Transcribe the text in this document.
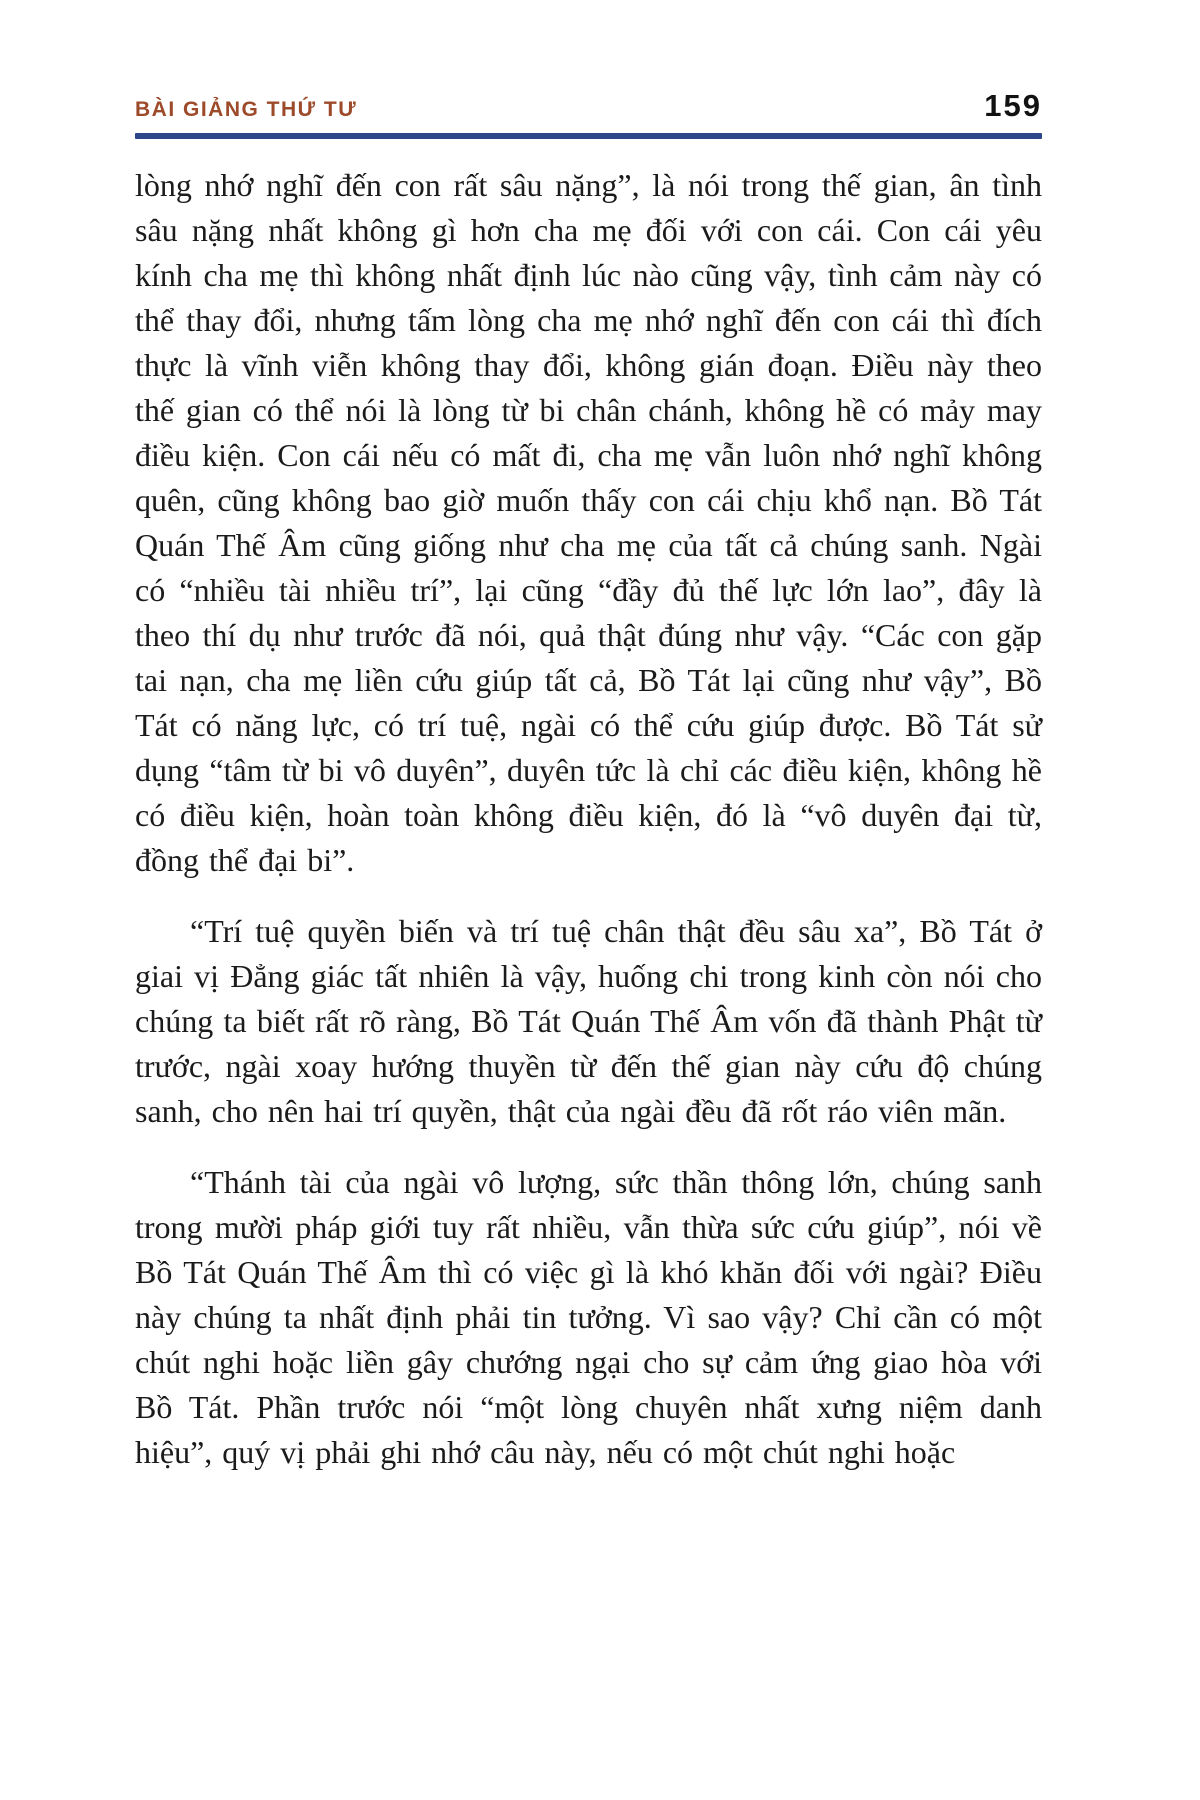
BÀI GIẢNG THỨ TƯ	159

lòng nhớ nghĩ đến con rất sâu nặng”, là nói trong thế gian, ân tình sâu nặng nhất không gì hơn cha mẹ đối với con cái. Con cái yêu kính cha mẹ thì không nhất định lúc nào cũng vậy, tình cảm này có thể thay đổi, nhưng tấm lòng cha mẹ nhớ nghĩ đến con cái thì đích thực là vĩnh viễn không thay đổi, không gián đoạn. Điều này theo thế gian có thể nói là lòng từ bi chân chánh, không hề có mảy may điều kiện. Con cái nếu có mất đi, cha mẹ vẫn luôn nhớ nghĩ không quên, cũng không bao giờ muốn thấy con cái chịu khổ nạn. Bồ Tát Quán Thế Âm cũng giống như cha mẹ của tất cả chúng sanh. Ngài có “nhiều tài nhiều trí”, lại cũng “đầy đủ thế lực lớn lao”, đây là theo thí dụ như trước đã nói, quả thật đúng như vậy. “Các con gặp tai nạn, cha mẹ liền cứu giúp tất cả, Bồ Tát lại cũng như vậy”, Bồ Tát có năng lực, có trí tuệ, ngài có thể cứu giúp được. Bồ Tát sử dụng “tâm từ bi vô duyên”, duyên tức là chỉ các điều kiện, không hề có điều kiện, hoàn toàn không điều kiện, đó là “vô duyên đại từ, đồng thể đại bi”.

“Trí tuệ quyền biến và trí tuệ chân thật đều sâu xa”, Bồ Tát ở giai vị Đẳng giác tất nhiên là vậy, huống chi trong kinh còn nói cho chúng ta biết rất rõ ràng, Bồ Tát Quán Thế Âm vốn đã thành Phật từ trước, ngài xoay hướng thuyền từ đến thế gian này cứu độ chúng sanh, cho nên hai trí quyền, thật của ngài đều đã rốt ráo viên mãn.

“Thánh tài của ngài vô lượng, sức thần thông lớn, chúng sanh trong mười pháp giới tuy rất nhiều, vẫn thừa sức cứu giúp”, nói về Bồ Tát Quán Thế Âm thì có việc gì là khó khăn đối với ngài? Điều này chúng ta nhất định phải tin tưởng. Vì sao vậy? Chỉ cần có một chút nghi hoặc liền gây chướng ngại cho sự cảm ứng giao hòa với Bồ Tát. Phần trước nói “một lòng chuyên nhất xưng niệm danh hiệu”, quý vị phải ghi nhớ câu này, nếu có một chút nghi hoặc
